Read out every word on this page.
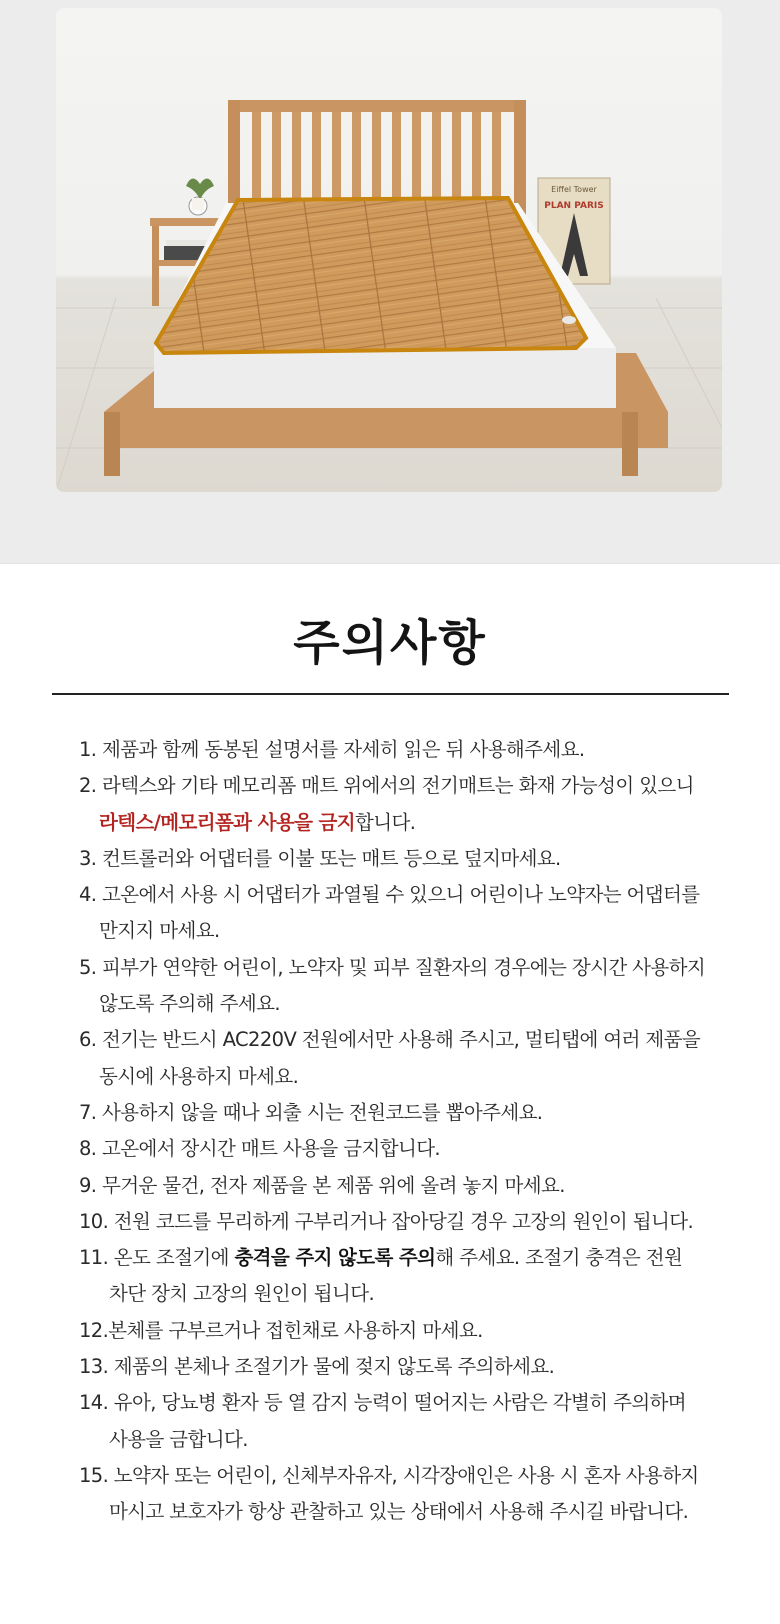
Eiffel Tower
PLAN PARIS
주의사항
1. 제품과 함께 동봉된 설명서를 자세히 읽은 뒤 사용해주세요.
2. 라텍스와 기타 메모리폼 매트 위에서의 전기매트는 화재 가능성이 있으니
라텍스/메모리폼과 사용을 금지합니다.
3. 컨트롤러와 어댑터를 이불 또는 매트 등으로 덮지마세요.
4. 고온에서 사용 시 어댑터가 과열될 수 있으니 어린이나 노약자는 어댑터를
만지지 마세요.
5. 피부가 연약한 어린이, 노약자 및 피부 질환자의 경우에는 장시간 사용하지
않도록 주의해 주세요.
6. 전기는 반드시 AC220V 전원에서만 사용해 주시고, 멀티탭에 여러 제품을
동시에 사용하지 마세요.
7. 사용하지 않을 때나 외출 시는 전원코드를 뽑아주세요.
8. 고온에서 장시간 매트 사용을 금지합니다.
9. 무거운 물건, 전자 제품을 본 제품 위에 올려 놓지 마세요.
10. 전원 코드를 무리하게 구부리거나 잡아당길 경우 고장의 원인이 됩니다.
11. 온도 조절기에 충격을 주지 않도록 주의해 주세요. 조절기 충격은 전원
차단 장치 고장의 원인이 됩니다.
12.본체를 구부르거나 접힌채로 사용하지 마세요.
13. 제품의 본체나 조절기가 물에 젖지 않도록 주의하세요.
14. 유아, 당뇨병 환자 등 열 감지 능력이 떨어지는 사람은 각별히 주의하며
사용을 금합니다.
15. 노약자 또는 어린이, 신체부자유자, 시각장애인은 사용 시 혼자 사용하지
마시고 보호자가 항상 관찰하고 있는 상태에서 사용해 주시길 바랍니다.
